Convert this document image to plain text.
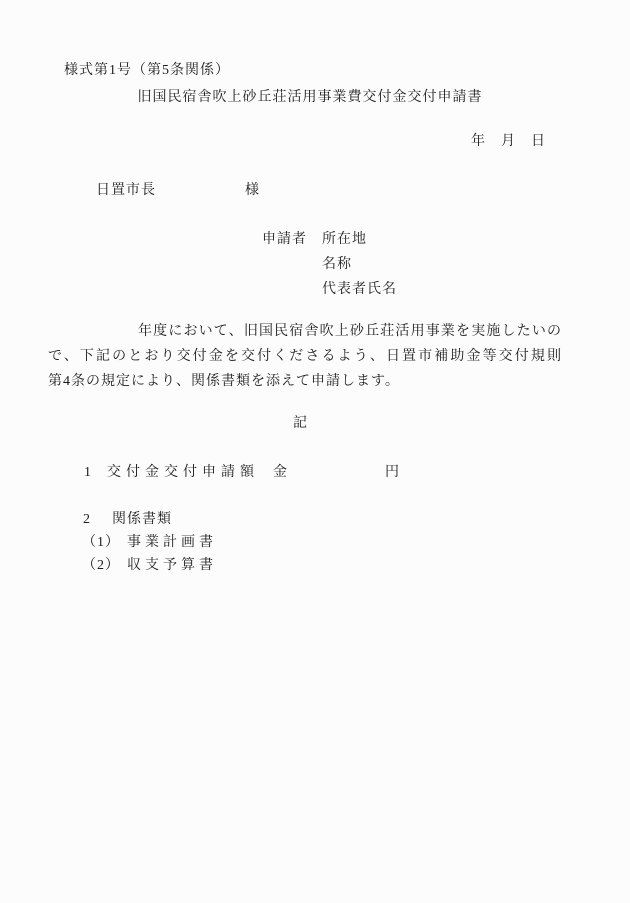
様式第1号（第5条関係）
旧国民宿舎吹上砂丘荘活用事業費交付金交付申請書
年　月　日
日置市長	様
申請者 所在地
名称
代表者氏名
年度において、旧国民宿舎吹上砂丘荘活用事業を実施したいの
で、下記のとおり交付金を交付くださるよう、日置市補助金等交付規則
第4条の規定により、関係書類を添えて申請します。
記
1 交付金交付申請額 金	円
2 関係書類
（1） 事業計画書
（2） 収支予算書
